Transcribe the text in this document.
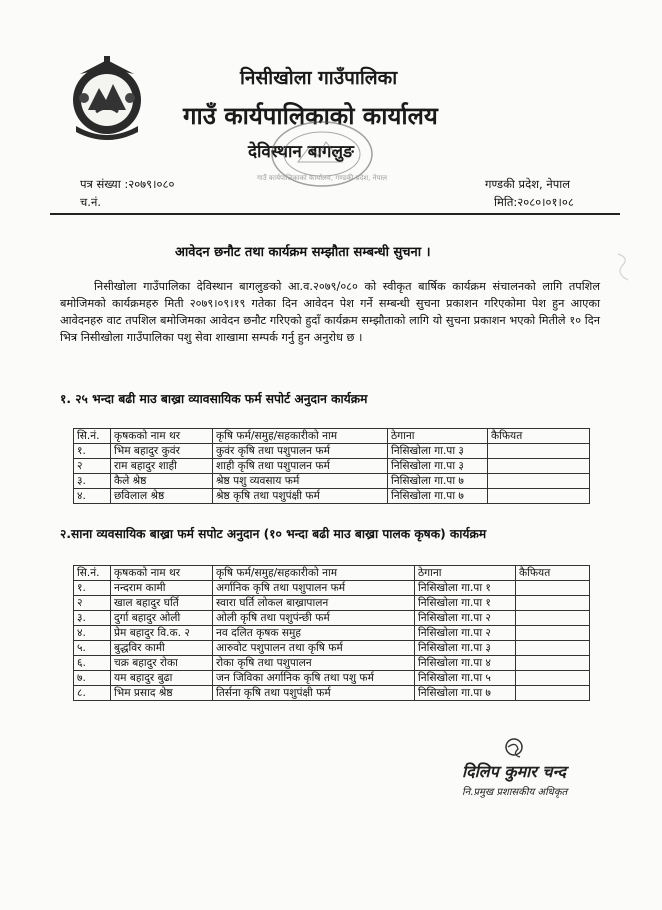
निसीखोला गाउँपालिका
गाउँ कार्यपालिकाको कार्यालय
देविस्थान बागलुङ
गाउँ कार्यपालिकाको कार्यालय, गण्डकी प्रदेश, नेपाल
पत्र संख्या :२०७९।०८०
च.नं.
गण्डकी प्रदेश, नेपाल
मिति:२०८०।०१।०८
आवेदन छनौट तथा कार्यक्रम सम्झौता सम्बन्धी सुचना ।
निसीखोला गाउँपालिका देविस्थान बागलुङको आ.व.२०७९/०८० को स्वीकृत बार्षिक कार्यक्रम संचालनको लागि तपशिल बमोजिमको कार्यक्रमहरु मिती २०७९।०९।१९ गतेका दिन आवेदन पेश गर्ने सम्बन्धी सुचना प्रकाशन गरिएकोमा पेश हुन आएका आवेदनहरु वाट तपशिल बमोजिमका आवेदन छनौट गरिएको हुदाँ कार्यक्रम सम्झौताको लागि यो सुचना प्रकाशन भएको मितीले १० दिन भित्र निसीखोला गाउँपालिका पशु सेवा शाखामा सम्पर्क गर्नु हुन अनुरोध छ ।
१. २५ भन्दा बढी माउ बाख्रा व्यावसायिक फर्म सपोर्ट अनुदान कार्यक्रम
सि.नं.	कृषकको नाम थर	कृषि फर्म/समुह/सहकारीको नाम	ठेगाना	कैफियत
१.	भिम बहादुर कुवंर	कुवंर कृषि तथा पशुपालन फर्म	निसिखोला गा.पा ३	
२	राम बहादुर शाही	शाही कृषि तथा पशुपालन फर्म	निसिखोला गा.पा ३	
३.	कैले श्रेष्ठ	श्रेष्ठ पशु व्यवसाय फर्म	निसिखोला गा.पा ७	
४.	छविलाल श्रेष्ठ	श्रेष्ठ कृषि तथा पशुपंक्षी फर्म	निसिखोला गा.पा ७	
२.साना व्यवसायिक बाख्रा फर्म सपोट अनुदान (१० भन्दा बढी माउ बाख्रा पालक कृषक) कार्यक्रम
सि.नं.	कृषकको नाम थर	कृषि फर्म/समुह/सहकारीको नाम	ठेगाना	कैफियत
१.	नन्दराम कामी	अर्गानिक कृषि तथा पशुपालन फर्म	निसिखोला गा.पा १	
२	खाल बहादुर घर्ति	स्वारा घर्ति लोकल बाख्रापालन	निसिखोला गा.पा १	
३.	दुर्गा बहादुर ओली	ओली कृषि तथा पशुपंन्छी फर्म	निसिखोला गा.पा २	
४.	प्रेम बहादुर वि.क. २	नव दलित कृषक समुह	निसिखोला गा.पा २	
५.	बुद्धविर कामी	आरुवोट पशुपालन तथा कृषि फर्म	निसिखोला गा.पा ३	
६.	चक्र बहादुर रोका	रोका कृषि तथा पशुपालन	निसिखोला गा.पा ४	
७.	यम बहादुर बुढा	जन जिविका अर्गानिक कृषि तथा पशु फर्म	निसिखोला गा.पा ५	
८.	भिम प्रसाद श्रेष्ठ	तिर्सना कृषि तथा पशुपंक्षी फर्म	निसिखोला गा.पा ७	
दिलिप कुमार चन्द
नि.प्रमुख प्रशासकीय अधिकृत
